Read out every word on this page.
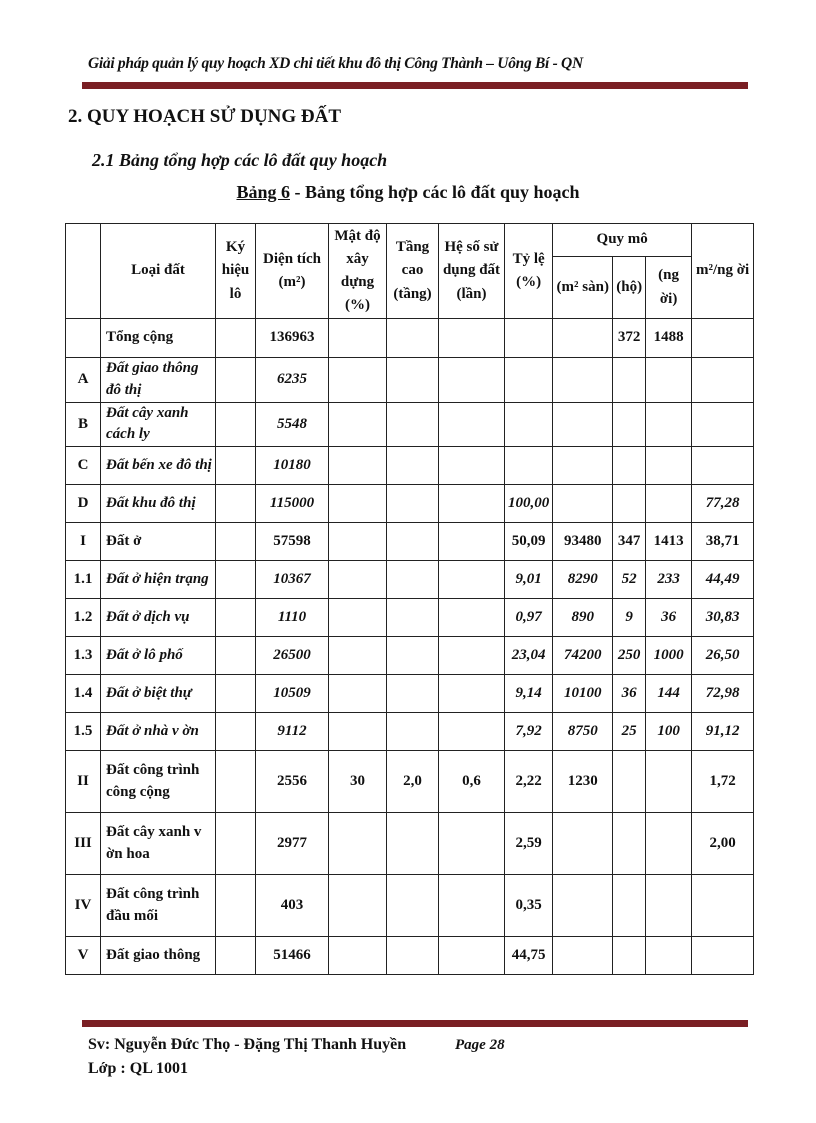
Giải pháp quản lý quy hoạch XD chi tiết khu đô thị Công Thành – Uông Bí - QN
2. QUY HOẠCH SỬ DỤNG ĐẤT
2.1 Bảng tổng hợp các lô đất quy hoạch
Bảng 6 - Bảng tổng hợp các lô đất quy hoạch
	Loại đất	Ký hiệu lô	Diện tích (m²)	Mật độ xây dựng (%)	Tầng cao (tầng)	Hệ số sử dụng đất (lần)	Tỷ lệ (%)	Quy mô			m²/ng ời
								(m² sàn)	(hộ)	(ng ời)	
	Tổng cộng		136963						372	1488	
A	Đất giao thông đô thị		6235								
B	Đất cây xanh cách ly		5548								
C	Đất bến xe đô thị		10180								
D	Đất khu đô thị		115000				100,00				77,28
I	Đất ở		57598				50,09	93480	347	1413	38,71
1.1	Đất ở hiện trạng		10367				9,01	8290	52	233	44,49
1.2	Đất ở dịch vụ		1110				0,97	890	9	36	30,83
1.3	Đất ở lô phố		26500				23,04	74200	250	1000	26,50
1.4	Đất ở biệt thự		10509				9,14	10100	36	144	72,98
1.5	Đất ở nhà v ờn		9112				7,92	8750	25	100	91,12
II	Đất công trình công cộng		2556	30	2,0	0,6	2,22	1230			1,72
III	Đất cây xanh v ờn hoa		2977				2,59				2,00
IV	Đất công trình đầu mối		403				0,35				
V	Đất giao thông		51466				44,75				
Sv: Nguyễn Đức Thọ - Đặng Thị Thanh Huyền	Page 28
Lớp : QL 1001
